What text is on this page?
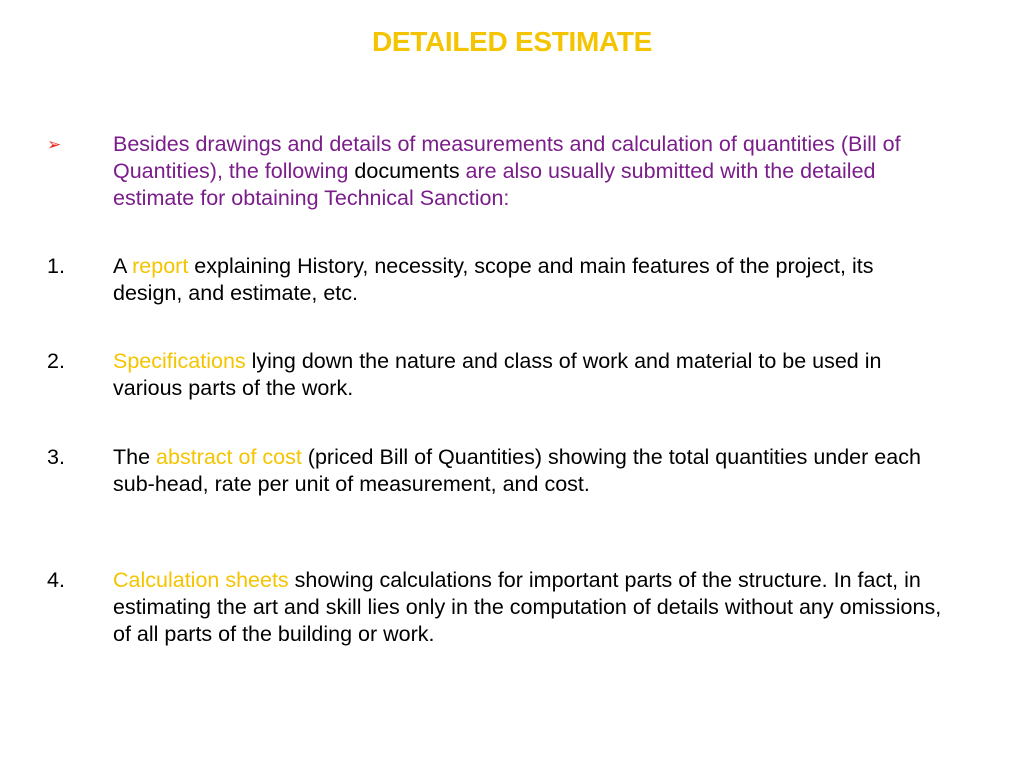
DETAILED ESTIMATE
➢ Besides drawings and details of measurements and calculation of quantities (Bill of Quantities), the following documents are also usually submitted with the detailed estimate for obtaining Technical Sanction:
1. A report explaining History, necessity, scope and main features of the project, its design, and estimate, etc.
2. Specifications lying down the nature and class of work and material to be used in various parts of the work.
3. The abstract of cost (priced Bill of Quantities) showing the total quantities under each sub-head, rate per unit of measurement, and cost.
4. Calculation sheets showing calculations for important parts of the structure. In fact, in estimating the art and skill lies only in the computation of details without any omissions, of all parts of the building or work.
